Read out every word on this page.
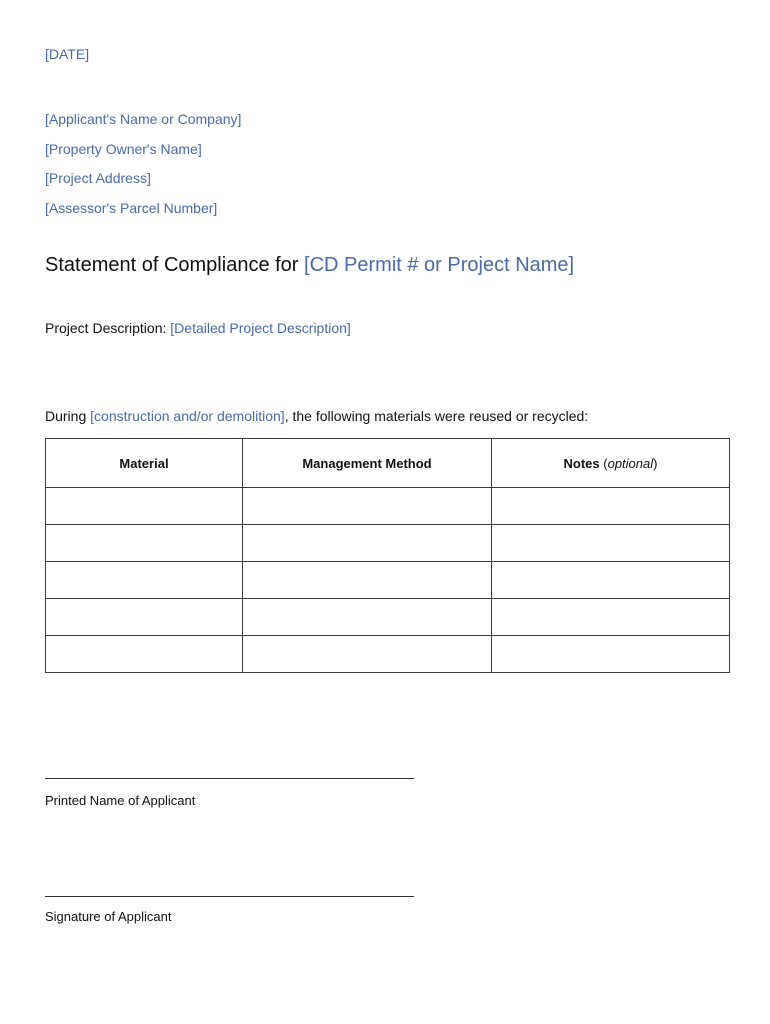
[DATE]
[Applicant's Name or Company]
[Property Owner's Name]
[Project Address]
[Assessor's Parcel Number]
Statement of Compliance for [CD Permit # or Project Name]
Project Description: [Detailed Project Description]
During [construction and/or demolition], the following materials were reused or recycled:
Material	Management Method	Notes (optional)

Printed Name of Applicant
Signature of Applicant
